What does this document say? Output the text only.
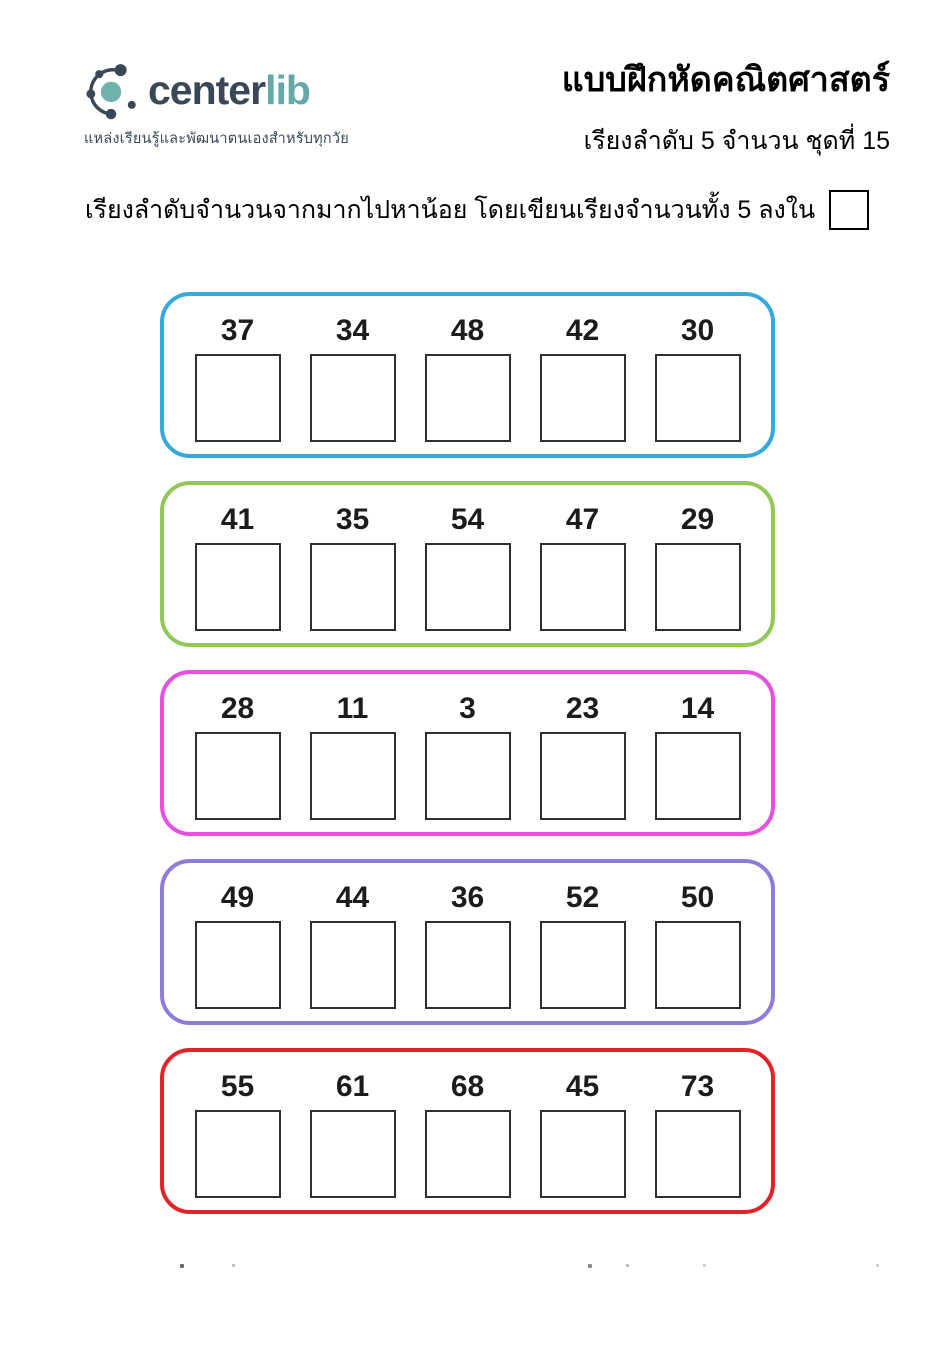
centerlib
แหล่งเรียนรู้และพัฒนาตนเองสำหรับทุกวัย
แบบฝึกหัดคณิตศาสตร์
เรียงลำดับ 5 จำนวน ชุดที่ 15
เรียงลำดับจำนวนจากมากไปหาน้อย โดยเขียนเรียงจำนวนทั้ง 5 ลงใน
37	34	48	42	30
41	35	54	47	29
28	11	3	23	14
49	44	36	52	50
55	61	68	45	73
